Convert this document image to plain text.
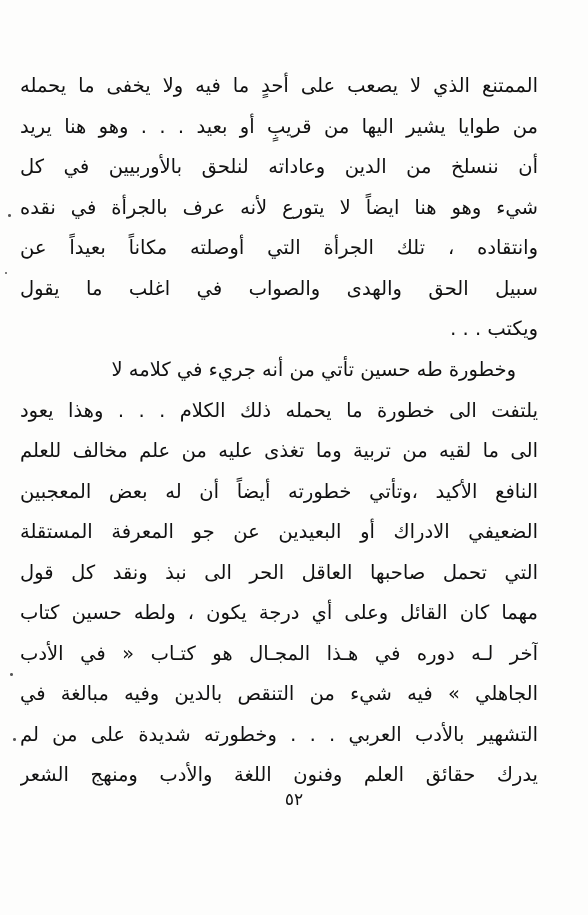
الممتنع الذي لا يصعب على أحدٍ ما فيه ولا يخفى ما يحمله
من طوايا يشير اليها من قريبٍ أو بعيد . . . وهو هنا يريد
أن ننسلخ من الدين وعاداته لنلحق بالأوربيين في كل
شيء وهو هنا ايضاً لا يتورع لأنه عرف بالجرأة في نقده
وانتقاده ، تلك الجرأة التي أوصلته مكاناً بعيداً عن
سبيل الحق والهدى والصواب في اغلب ما يقول
ويكتب . . .
وخطورة طه حسين تأتي من أنه جريء في كلامه لا
يلتفت الى خطورة ما يحمله ذلك الكلام . . . وهذا يعود
الى ما لقيه من تربية وما تغذى عليه من علم مخالف للعلم
النافع الأكيد ،وتأتي خطورته أيضاً أن له بعض المعجبين
الضعيفي الادراك أو البعيدين عن جو المعرفة المستقلة
التي تحمل صاحبها العاقل الحر الى نبذ ونقد كل قول
مهما كان القائل وعلى أي درجة يكون ، ولطه حسين كتاب
آخر لـه دوره في هـذا المجـال هو كتـاب « في الأدب
الجاهلي » فيه شيء من التنقص بالدين وفيه مبالغة في
التشهير بالأدب العربي . . . وخطورته شديدة على من لم
يدرك حقائق العلم وفنون اللغة والأدب ومنهج الشعر
٥٢
